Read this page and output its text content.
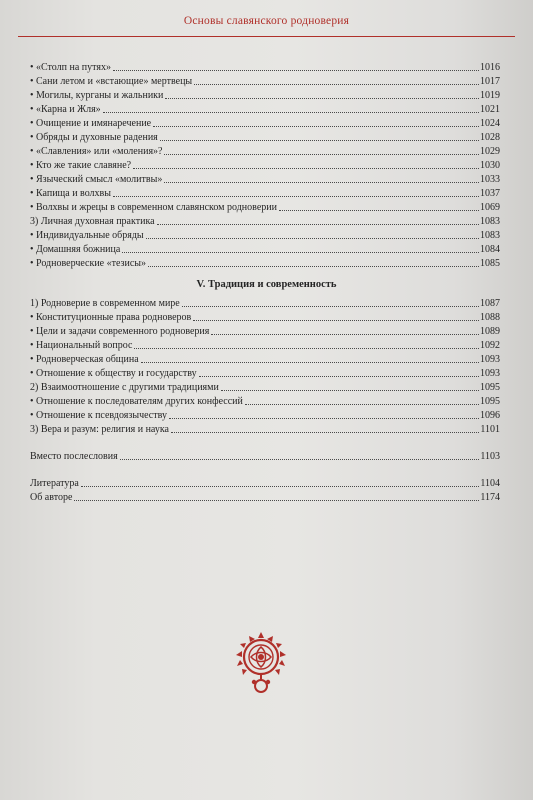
Основы славянского родноверия
• «Столп на путях»	1016
• Сани летом и «встающие» мертвецы	1017
• Могилы, курганы и жальники	1019
• «Карна и Жля»	1021
• Очищение и имянаречение	1024
• Обряды и духовные радения	1028
• «Славления» или «моления»?	1029
• Кто же такие славяне?	1030
• Языческий смысл «молитвы»	1033
• Капища и волхвы	1037
• Волхвы и жрецы в современном славянском родноверии	1069
3) Личная духовная практика	1083
• Индивидуальные обряды	1083
• Домашняя божница	1084
• Родноверческие «тезисы»	1085
V. Традиция и современность
1) Родноверие в современном мире	1087
• Конституционные права родноверов	1088
• Цели и задачи современного родноверия	1089
• Национальный вопрос	1092
• Родноверческая община	1093
• Отношение к обществу и государству	1093
2) Взаимоотношение с другими традициями	1095
• Отношение к последователям других конфессий	1095
• Отношение к псевдоязычеству	1096
3) Вера и разум: религия и наука	1101
Вместо послесловия	1103
Литература	1104
Об авторе	1174
